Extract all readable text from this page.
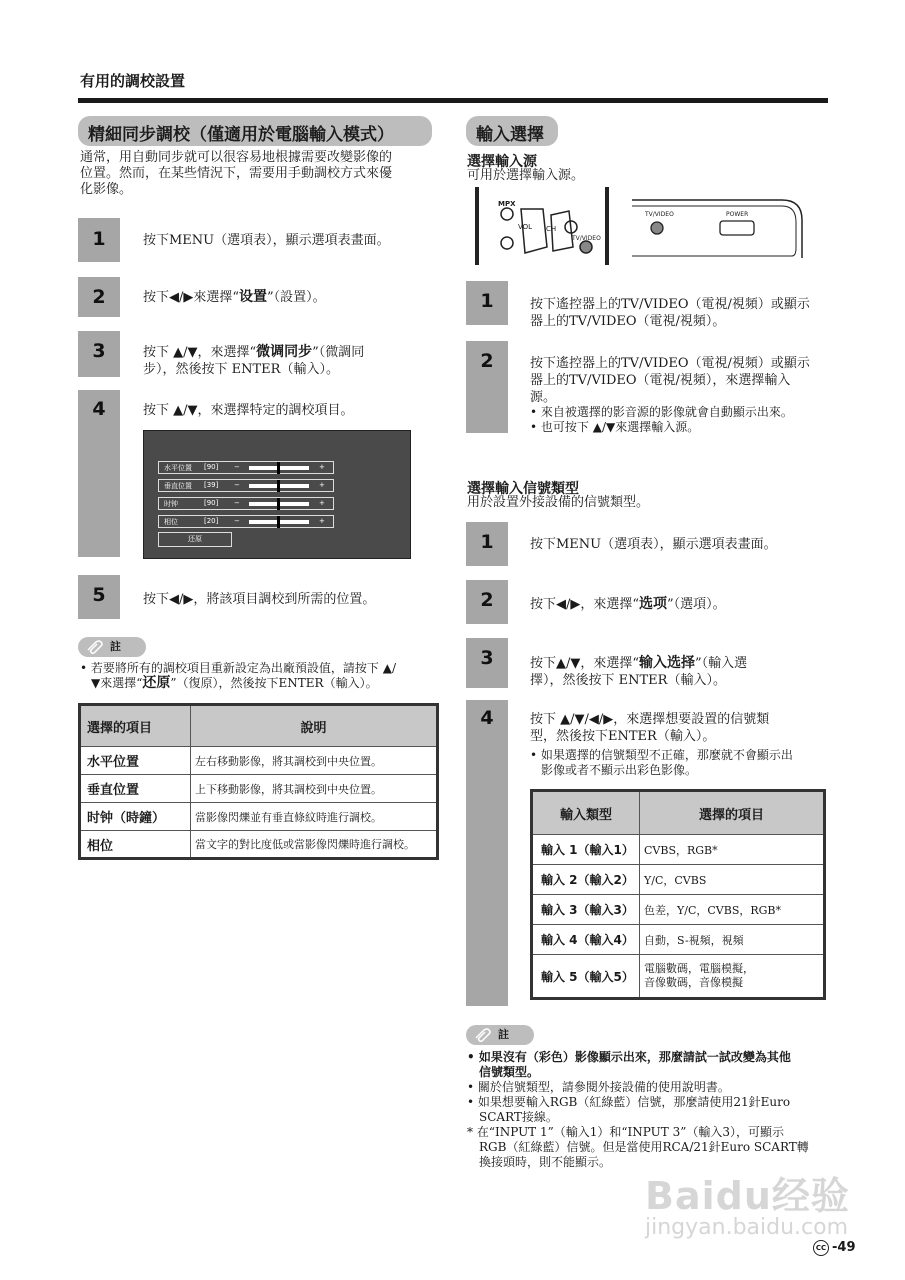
有用的調校設置
精細同步調校（僅適用於電腦輸入模式）
通常，用自動同步就可以很容易地根據需要改變影像的
位置。然而，在某些情況下，需要用手動調校方式來優
化影像。
1	按下MENU（選項表），顯示選項表畫面。
2	按下◀/▶來選擇“设置”（設置）。
3	按下 ▲/▼，來選擇“微调同步”（微調同
步），然後按下 ENTER（輸入）。
4	按下 ▲/▼，來選擇特定的調校項目。
水平位置 [90] −	+
垂直位置 [39] −	+
时钟	[90] −	+
相位	[20] −	+
还原
5	按下◀/▶，將該項目調校到所需的位置。
註
• 若要將所有的調校項目重新設定為出廠預設值，請按下 ▲/
▼來選擇“还原”（復原），然後按下ENTER（輸入）。
選擇的項目	說明
水平位置	左右移動影像，將其調校到中央位置。
垂直位置	上下移動影像，將其調校到中央位置。
时钟（時鐘）	當影像閃爍並有垂直條紋時進行調校。
相位	當文字的對比度低或當影像閃爍時進行調校。
輸入選擇
選擇輸入源
可用於選擇輸入源。
MPX
VOL CH
TV/VIDEO
TV/VIDEO	POWER
1	按下遙控器上的TV/VIDEO（電視/視頻）或顯示
器上的TV/VIDEO（電視/視頻）。
2	按下遙控器上的TV/VIDEO（電視/視頻）或顯示
器上的TV/VIDEO（電視/視頻），來選擇輸入
源。
• 來自被選擇的影音源的影像就會自動顯示出來。
• 也可按下 ▲/▼來選擇輸入源。
選擇輸入信號類型
用於設置外接設備的信號類型。
1	按下MENU（選項表），顯示選項表畫面。
2	按下◀/▶，來選擇“选项”（選項）。
3	按下▲/▼，來選擇“输入选择”（輸入選
擇），然後按下 ENTER（輸入）。
4	按下 ▲/▼/◀/▶，來選擇想要設置的信號類
型，然後按下ENTER（輸入）。
• 如果選擇的信號類型不正確，那麼就不會顯示出
影像或者不顯示出彩色影像。
輸入類型	選擇的項目
輸入 1（輸入1）	CVBS，RGB*
輸入 2（輸入2）	Y/C，CVBS
輸入 3（輸入3）	色差，Y/C，CVBS，RGB*
輸入 4（輸入4）	自動，S-視頻，視頻
輸入 5（輸入5）	電腦數碼，電腦模擬，
音像數碼，音像模擬
註
• 如果沒有（彩色）影像顯示出來，那麼請試一試改變為其他
信號類型。
• 關於信號類型，請參閱外接設備的使用說明書。
• 如果想要輸入RGB（紅綠藍）信號，那麼請使用21針Euro
SCART接線。
* 在“INPUT 1”（輸入1）和“INPUT 3”（輸入3），可顯示
RGB（紅綠藍）信號。但是當使用RCA/21針Euro SCART轉
換接頭時，則不能顯示。
Baidu经验
jingyan.baidu.com
CC -49
